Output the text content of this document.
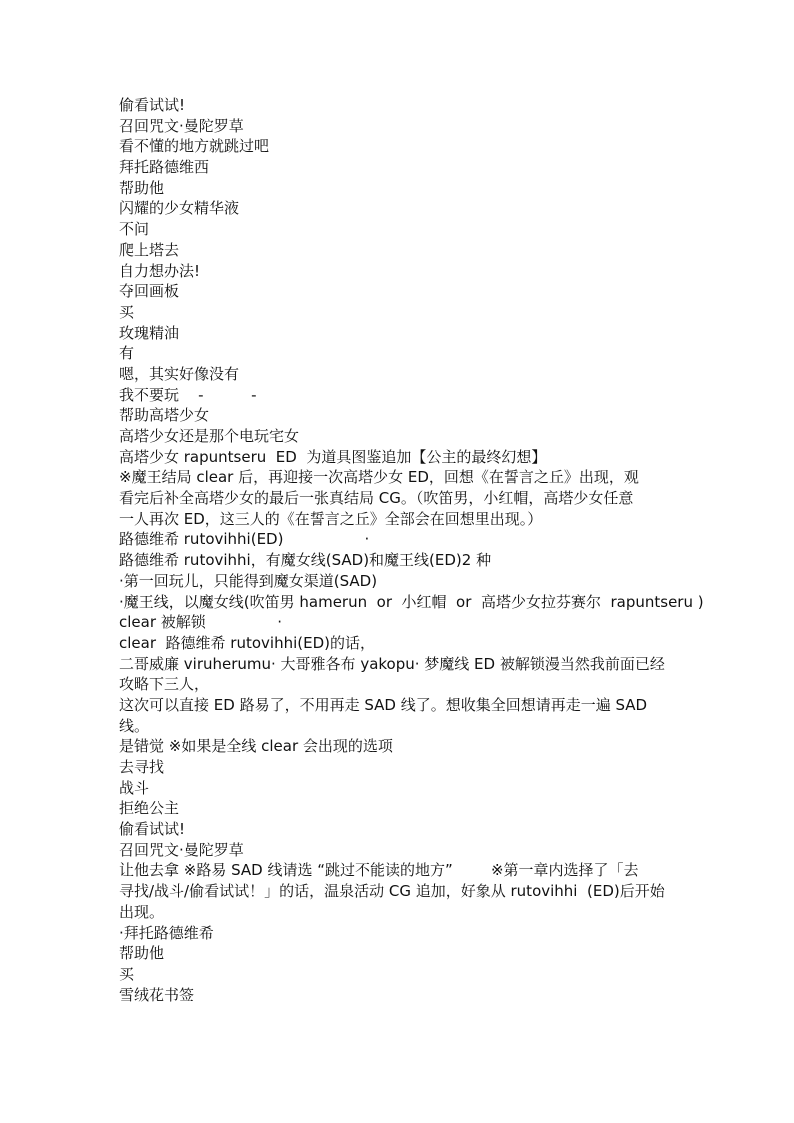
偷看试试!
召回咒文·曼陀罗草
看不懂的地方就跳过吧
拜托路德维西
帮助他
闪耀的少女精华液
不问
爬上塔去
自力想办法!
夺回画板
买
玫瑰精油
有
嗯，其实好像没有
我不要玩    -          -
帮助高塔少女
高塔少女还是那个电玩宅女
高塔少女 rapuntseru  ED  为道具图鉴追加【公主的最终幻想】
※魔王结局 clear 后，再迎接一次高塔少女 ED，回想《在誓言之丘》出现，观
看完后补全高塔少女的最后一张真结局 CG。（吹笛男，小红帽，高塔少女任意
一人再次 ED，这三人的《在誓言之丘》全部会在回想里出现。）
路德维希 rutovihhi(ED)                 ·
路德维希 rutovihhi，有魔女线(SAD)和魔王线(ED)2 种
·第一回玩儿，只能得到魔女渠道(SAD)
·魔王线，以魔女线(吹笛男 hamerun  or  小红帽  or  高塔少女拉芬赛尔  rapuntseru )
clear 被解锁               ·
clear  路德维希 rutovihhi(ED)的话，
二哥威廉 viruherumu· 大哥雅各布 yakopu· 梦魔线 ED 被解锁漫当然我前面已经
攻略下三人，
这次可以直接 ED 路易了，不用再走 SAD 线了。想收集全回想请再走一遍 SAD
线。
是错觉 ※如果是全线 clear 会出现的选项
去寻找
战斗
拒绝公主
偷看试试!
召回咒文·曼陀罗草
让他去拿 ※路易 SAD 线请选 “跳过不能读的地方”        ※第一章内选择了「去
寻找/战斗/偷看试试！」的话，温泉活动 CG 追加，好象从 rutovihhi  (ED)后开始
出现。
·拜托路德维希
帮助他
买
雪绒花书签
